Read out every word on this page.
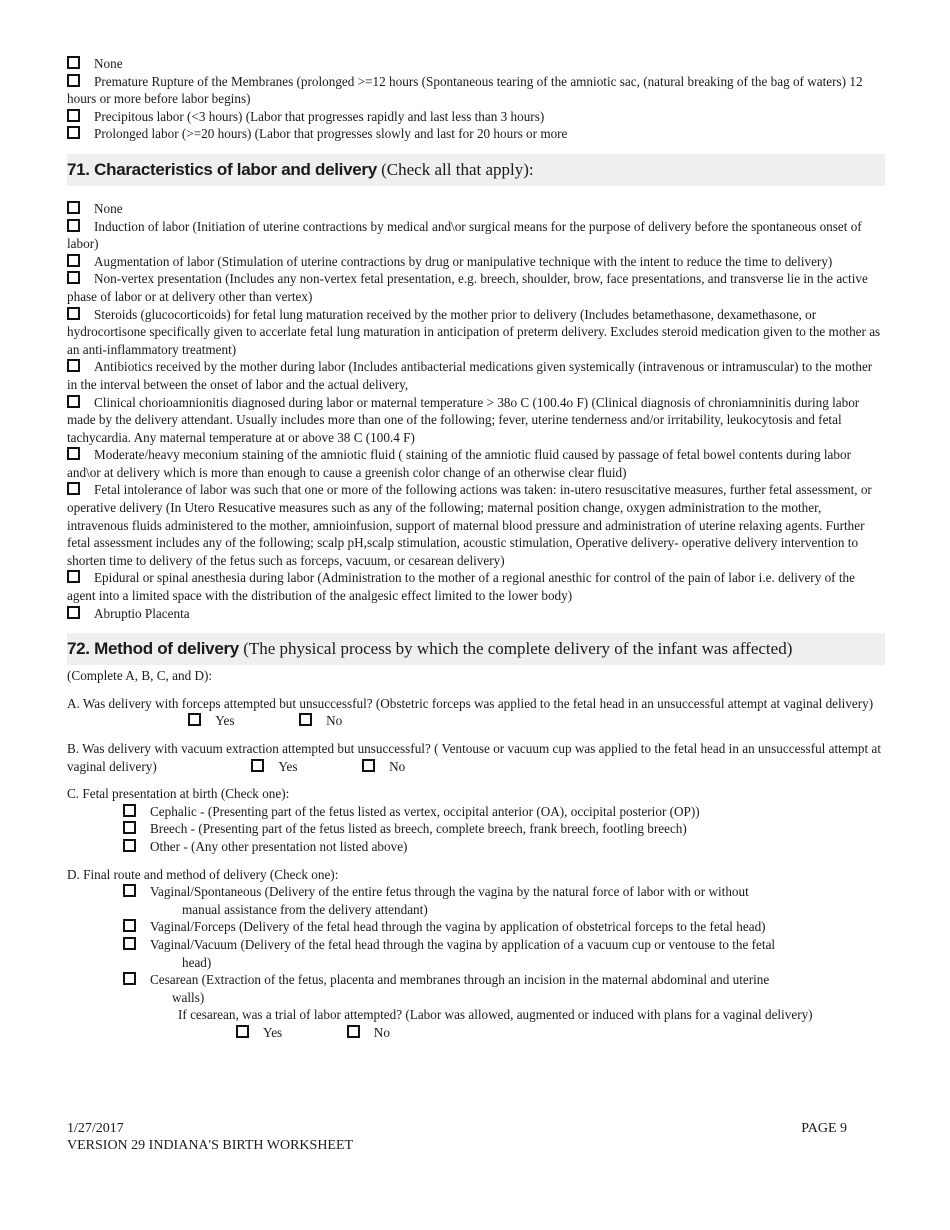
None

Premature Rupture of the Membranes (prolonged >=12 hours (Spontaneous tearing of the amniotic sac, (natural breaking of the bag of waters) 12 hours or more before labor begins)

Precipitous labor (<3 hours) (Labor that progresses rapidly and last less than 3 hours)

Prolonged labor (>=20 hours) (Labor that progresses slowly and last for 20 hours or more

71. Characteristics of labor and delivery (Check all that apply):

None

Induction of labor (Initiation of uterine contractions by medical and\or surgical means for the purpose of delivery before the spontaneous onset of labor)

Augmentation of labor (Stimulation of uterine contractions by drug or manipulative technique with the intent to reduce the time to delivery)

Non-vertex presentation (Includes any non-vertex fetal presentation, e.g. breech, shoulder, brow, face presentations, and transverse lie in the active phase of labor or at delivery other than vertex)

Steroids (glucocorticoids) for fetal lung maturation received by the mother prior to delivery (Includes betamethasone, dexamethasone, or hydrocortisone specifically given to accerlate fetal lung maturation in anticipation of preterm delivery. Excludes steroid medication given to the mother as an anti-inflammatory treatment)

Antibiotics received by the mother during labor (Includes antibacterial medications given systemically (intravenous or intramuscular) to the mother in the interval between the onset of labor and the actual delivery,

Clinical chorioamnionitis diagnosed during labor or maternal temperature > 38o C (100.4o F) (Clinical diagnosis of chroniamninitis during labor made by the delivery attendant. Usually includes more than one of the following; fever, uterine tenderness and/or irritability, leukocytosis and fetal tachycardia. Any maternal temperature at or above 38 C (100.4 F)

Moderate/heavy meconium staining of the amniotic fluid ( staining of the amniotic fluid caused by passage of fetal bowel contents during labor and\or at delivery which is more than enough to cause a greenish color change of an otherwise clear fluid)

Fetal intolerance of labor was such that one or more of the following actions was taken: in-utero resuscitative measures, further fetal assessment, or operative delivery (In Utero Resucative measures such as any of the following; maternal position change, oxygen administration to the mother, intravenous fluids administered to the mother, amnioinfusion, support of maternal blood pressure and administration of uterine relaxing agents. Further fetal assessment includes any of the following; scalp pH,scalp stimulation, acoustic stimulation, Operative delivery- operative delivery intervention to shorten time to delivery of the fetus such as forceps, vacuum, or cesarean delivery)

Epidural or spinal anesthesia during labor (Administration to the mother of a regional anesthic for control of the pain of labor i.e. delivery of the agent into a limited space with the distribution of the analgesic effect limited to the lower body)

Abruptio Placenta

72. Method of delivery (The physical process by which the complete delivery of the infant was affected)

(Complete A, B, C, and D):

A. Was delivery with forceps attempted but unsuccessful? (Obstetric forceps was applied to the fetal head in an unsuccessful attempt at vaginal delivery)  Yes	No

B. Was delivery with vacuum extraction attempted but unsuccessful? ( Ventouse or vacuum cup was applied to the fetal head in an unsuccessful attempt at vaginal delivery)	Yes	No

C. Fetal presentation at birth (Check one):

Cephalic - (Presenting part of the fetus listed as vertex, occipital anterior (OA), occipital posterior (OP))

Breech - (Presenting part of the fetus listed as breech, complete breech, frank breech, footling breech)

Other - (Any other presentation not listed above)

D. Final route and method of delivery (Check one):

Vaginal/Spontaneous (Delivery of the entire fetus through the vagina by the natural force of labor with or without
manual assistance from the delivery attendant)

Vaginal/Forceps (Delivery of the fetal head through the vagina by application of obstetrical forceps to the fetal head)

Vaginal/Vacuum (Delivery of the fetal head through the vagina by application of a vacuum cup or ventouse to the fetal
head)

Cesarean (Extraction of the fetus, placenta and membranes through an incision in the maternal abdominal and uterine
walls)

If cesarean, was a trial of labor attempted? (Labor was allowed, augmented or induced with plans for a vaginal delivery)

Yes	No

1/27/2017
VERSION 29 INDIANA'S BIRTH WORKSHEET
PAGE 9
